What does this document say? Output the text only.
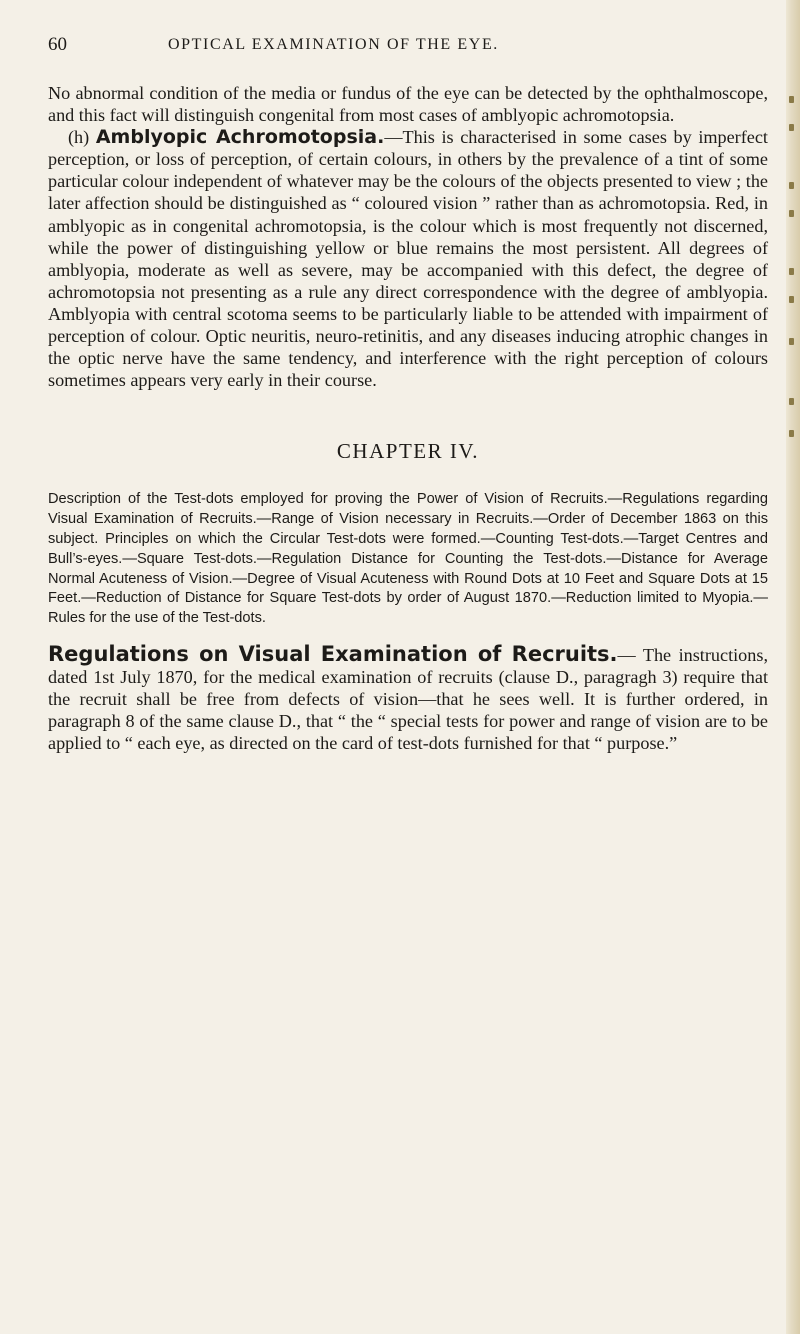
60	OPTICAL EXAMINATION OF THE EYE.

No abnormal condition of the media or fundus of the eye can be detected by the ophthalmoscope, and this fact will distinguish congenital from most cases of amblyopic achromotopsia.

(h) Amblyopic Achromotopsia.—This is characterised in some cases by imperfect perception, or loss of perception, of certain colours, in others by the prevalence of a tint of some particular colour independent of whatever may be the colours of the objects presented to view ; the later affection should be distinguished as “ coloured vision ” rather than as achromotopsia. Red, in amblyopic as in congenital achromotopsia, is the colour which is most frequently not discerned, while the power of distinguishing yellow or blue remains the most persistent. All degrees of amblyopia, moderate as well as severe, may be accompanied with this defect, the degree of achromotopsia not presenting as a rule any direct correspondence with the degree of amblyopia. Amblyopia with central scotoma seems to be particularly liable to be attended with impairment of perception of colour. Optic neuritis, neuro-retinitis, and any diseases inducing atrophic changes in the optic nerve have the same tendency, and interference with the right perception of colours sometimes appears very early in their course.

CHAPTER IV.

Description of the Test-dots employed for proving the Power of Vision of Recruits.—Regulations regarding Visual Examination of Recruits.—Range of Vision necessary in Recruits.—Order of December 1863 on this subject. Principles on which the Circular Test-dots were formed.—Counting Test-dots.—Target Centres and Bull’s-eyes.—Square Test-dots.—Regulation Distance for Counting the Test-dots.—Distance for Average Normal Acuteness of Vision.—Degree of Visual Acuteness with Round Dots at 10 Feet and Square Dots at 15 Feet.—Reduction of Distance for Square Test-dots by order of August 1870.—Reduction limited to Myopia.—Rules for the use of the Test-dots.

Regulations on Visual Examination of Recruits.— The instructions, dated 1st July 1870, for the medical examination of recruits (clause D., paragragh 3) require that the recruit shall be free from defects of vision—that he sees well. It is further ordered, in paragraph 8 of the same clause D., that “ the “ special tests for power and range of vision are to be applied to “ each eye, as directed on the card of test-dots furnished for that “ purpose.”
